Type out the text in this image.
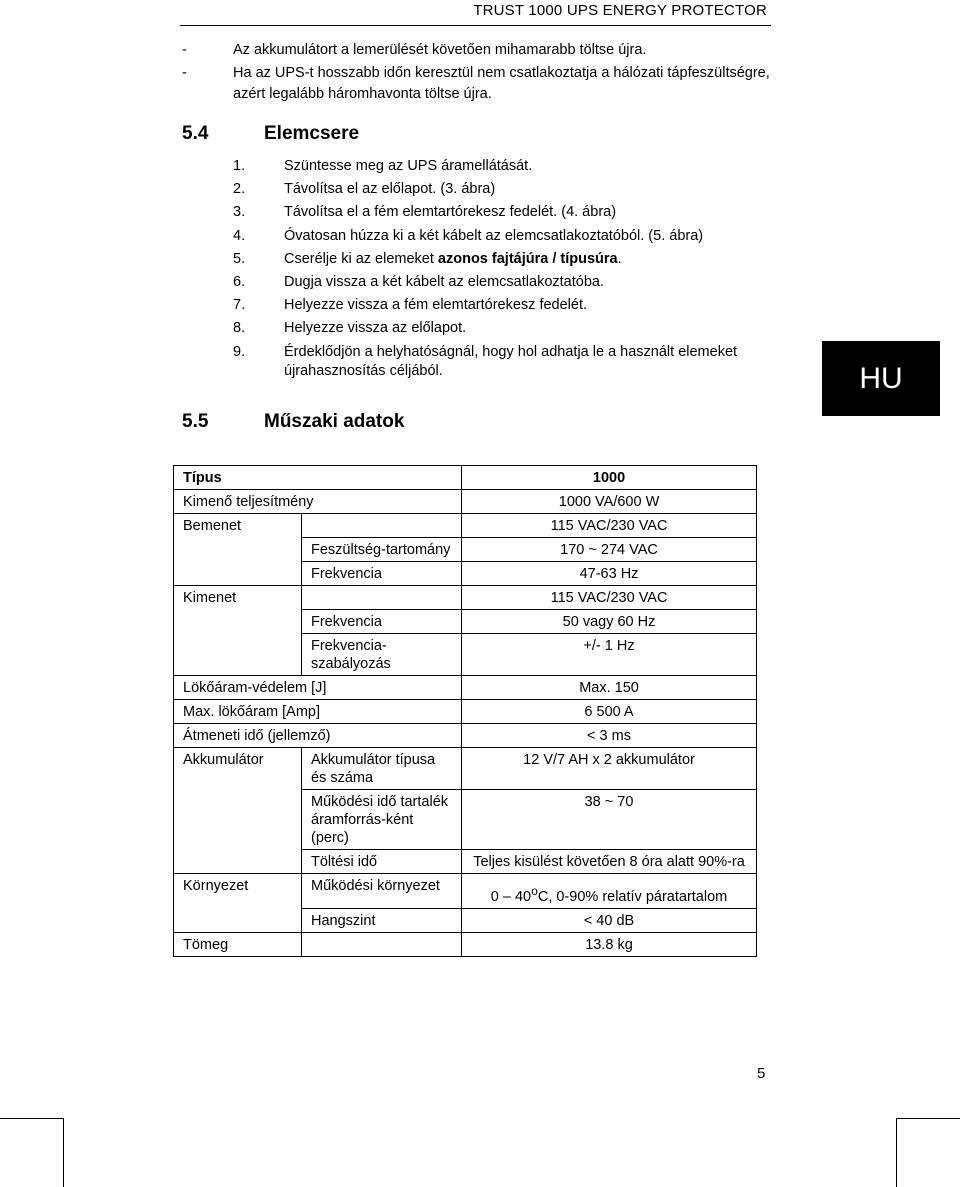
TRUST 1000 UPS ENERGY PROTECTOR
-	Az akkumulátort a lemerülését követően mihamarabb töltse újra.
-	Ha az UPS-t hosszabb időn keresztül nem csatlakoztatja a hálózati tápfeszültségre, azért legalább háromhavonta töltse újra.
5.4	Elemcsere
1.	Szüntesse meg az UPS áramellátását.
2.	Távolítsa el az előlapot. (3. ábra)
3.	Távolítsa el a fém elemtartórekesz fedelét. (4. ábra)
4.	Óvatosan húzza ki a két kábelt az elemcsatlakoztatóból. (5. ábra)
5.	Cserélje ki az elemeket azonos fajtájúra / típusúra.
6.	Dugja vissza a két kábelt az elemcsatlakoztatóba.
7.	Helyezze vissza a fém elemtartórekesz fedelét.
8.	Helyezze vissza az előlapot.
9.	Érdeklődjön a helyhatóságnál, hogy hol adhatja le a használt elemeket újrahasznosítás céljából.	HU
5.5	Műszaki adatok
Típus		1000
Kimenő teljesítmény		1000 VA/600 W
Bemenet		115 VAC/230 VAC
	Feszültség-tartomány	170 ~ 274 VAC
	Frekvencia	47-63 Hz
Kimenet		115 VAC/230 VAC
	Frekvencia	50 vagy 60 Hz
	Frekvencia-szabályozás	+/- 1 Hz
Lökőáram-védelem [J]		Max. 150
Max. lökőáram [Amp]		6 500 A
Átmeneti idő (jellemző)		< 3 ms
Akkumulátor	Akkumulátor típusa és száma	12 V/7 AH x 2 akkumulátor
	Működési idő tartalék áramforrás-ként (perc)	38 ~ 70
	Töltési idő	Teljes kisülést követően 8 óra alatt 90%-ra
Környezet	Működési környezet	0 – 40$^o$C, 0-90% relatív páratartalom
	Hangszint	< 40 dB
Tömeg		13.8 kg
5
